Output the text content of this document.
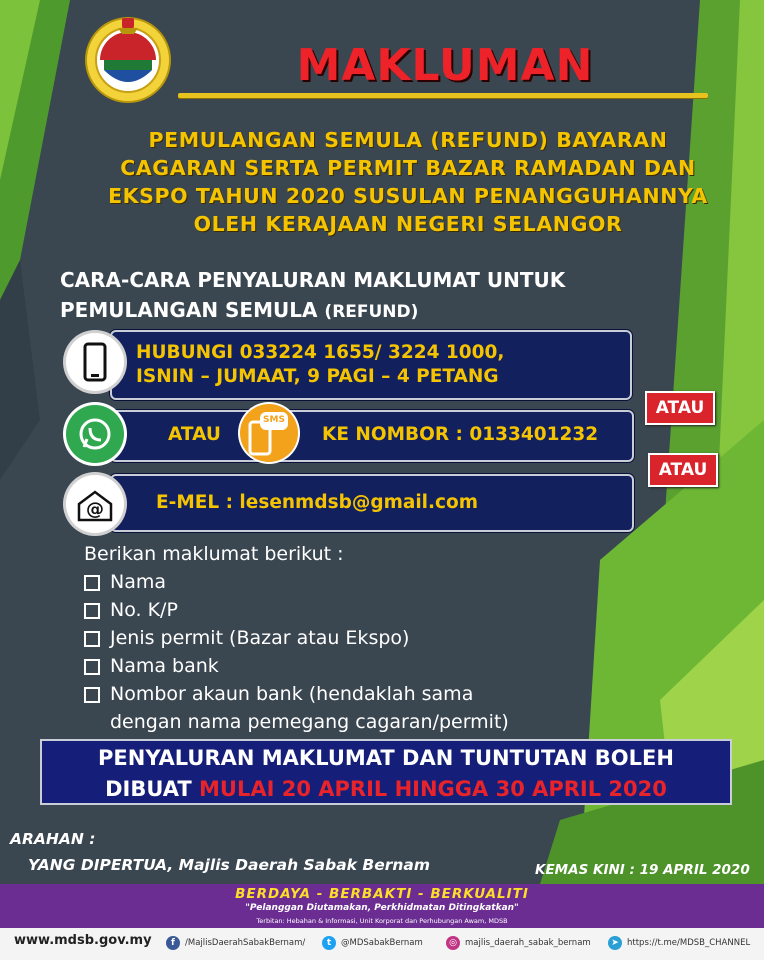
MAKLUMAN
PEMULANGAN SEMULA (REFUND) BAYARAN
CAGARAN SERTA PERMIT BAZAR RAMADAN DAN
EKSPO TAHUN 2020 SUSULAN PENANGGUHANNYA
OLEH KERAJAAN NEGERI SELANGOR
CARA-CARA PENYALURAN MAKLUMAT UNTUK
PEMULANGAN SEMULA (REFUND)
HUBUNGI 033224 1655/ 3224 1000,
ISNIN – JUMAAT, 9 PAGI – 4 PETANG
ATAU	KE NOMBOR : 0133401232
SMS
E-MEL : lesenmdsb@gmail.com
@
ATAU
ATAU
Berikan maklumat berikut :
Nama
No. K/P
Jenis permit (Bazar atau Ekspo)
Nama bank
Nombor akaun bank (hendaklah sama
dengan nama pemegang cagaran/permit)
PENYALURAN MAKLUMAT DAN TUNTUTAN BOLEH
DIBUAT MULAI 20 APRIL HINGGA 30 APRIL 2020
ARAHAN :
YANG DIPERTUA, Majlis Daerah Sabak Bernam	KEMAS KINI : 19 APRIL 2020
BERDAYA - BERBAKTI - BERKUALITI
"Pelanggan Diutamakan, Perkhidmatan Ditingkatkan"
Terbitan: Hebahan & Informasi, Unit Korporat dan Perhubungan Awam, MDSB
www.mdsb.gov.my	f	/MajlisDaerahSabakBernam/	t	@MDSabakBernam	◎ majlis_daerah_sabak_bernam	➤ https://t.me/MDSB_CHANNEL
